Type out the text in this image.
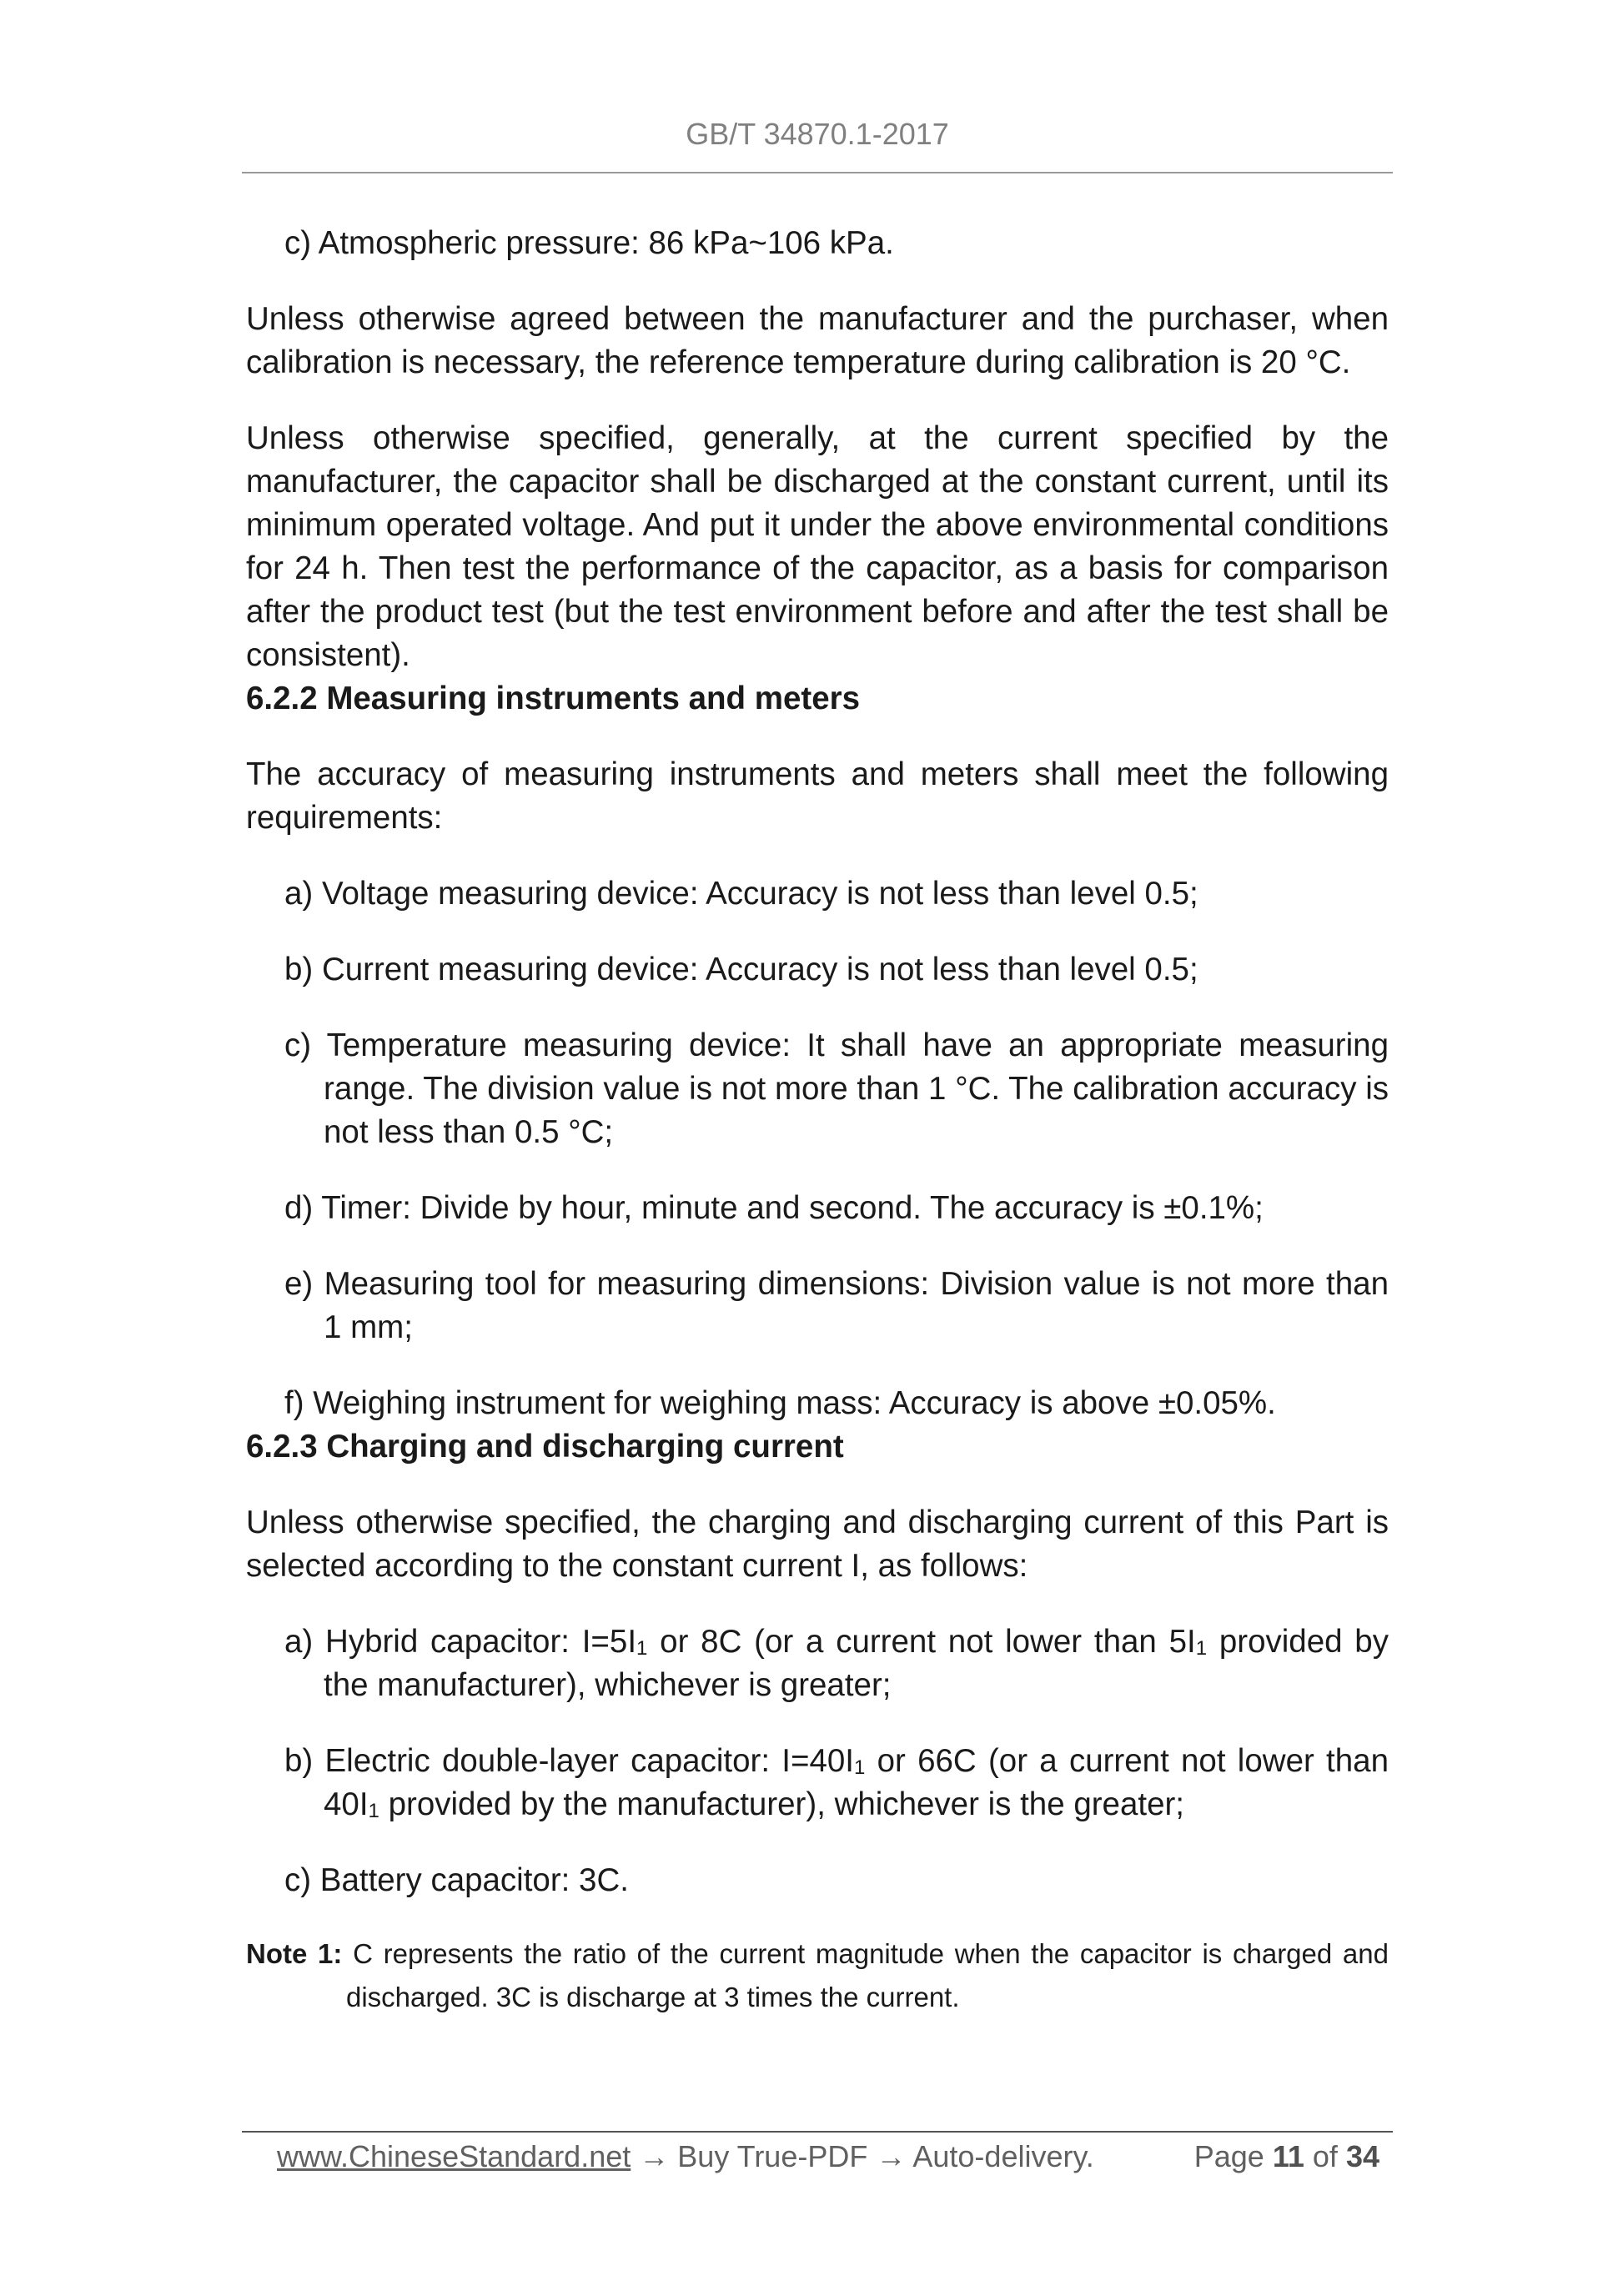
GB/T 34870.1-2017

c) Atmospheric pressure: 86 kPa~106 kPa.

Unless otherwise agreed between the manufacturer and the purchaser, when calibration is necessary, the reference temperature during calibration is 20 °C.

Unless otherwise specified, generally, at the current specified by the manufacturer, the capacitor shall be discharged at the constant current, until its minimum operated voltage. And put it under the above environmental conditions for 24 h. Then test the performance of the capacitor, as a basis for comparison after the product test (but the test environment before and after the test shall be consistent).

6.2.2 Measuring instruments and meters

The accuracy of measuring instruments and meters shall meet the following requirements:

a) Voltage measuring device: Accuracy is not less than level 0.5;

b) Current measuring device: Accuracy is not less than level 0.5;

c) Temperature measuring device: It shall have an appropriate measuring range. The division value is not more than 1 °C. The calibration accuracy is not less than 0.5 °C;

d) Timer: Divide by hour, minute and second. The accuracy is ±0.1%;

e) Measuring tool for measuring dimensions: Division value is not more than 1 mm;

f) Weighing instrument for weighing mass: Accuracy is above ±0.05%.

6.2.3 Charging and discharging current

Unless otherwise specified, the charging and discharging current of this Part is selected according to the constant current I, as follows:

a) Hybrid capacitor: $I=5I_1$ or 8C (or a current not lower than $5I_1$ provided by the manufacturer), whichever is greater;

b) Electric double-layer capacitor: $I=40I_1$ or 66C (or a current not lower than $40I_1$ provided by the manufacturer), whichever is the greater;

c) Battery capacitor: 3C.

Note 1: C represents the ratio of the current magnitude when the capacitor is charged and discharged. 3C is discharge at 3 times the current.

www.ChineseStandard.net → Buy True-PDF → Auto-delivery.	Page 11 of 34
